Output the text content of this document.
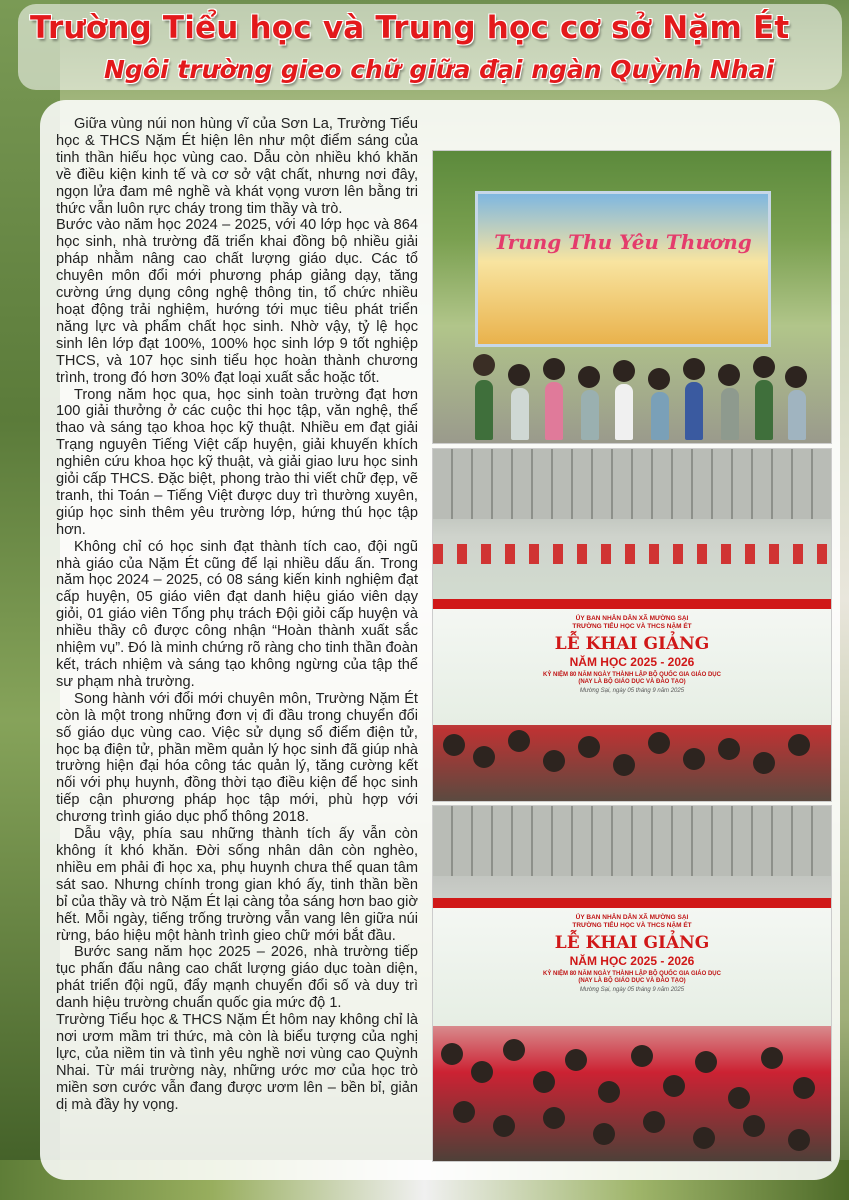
Trường Tiểu học và Trung học cơ sở Nặm Ét
Ngôi trường gieo chữ giữa đại ngàn Quỳnh Nhai

Giữa vùng núi non hùng vĩ của Sơn La, Trường Tiểu học & THCS Nặm Ét hiện lên như một điểm sáng của tinh thần hiếu học vùng cao. Dẫu còn nhiều khó khăn về điều kiện kinh tế và cơ sở vật chất, nhưng nơi đây, ngọn lửa đam mê nghề và khát vọng vươn lên bằng tri thức vẫn luôn rực cháy trong tim thầy và trò.

Bước vào năm học 2024 – 2025, với 40 lớp học và 864 học sinh, nhà trường đã triển khai đồng bộ nhiều giải pháp nhằm nâng cao chất lượng giáo dục. Các tổ chuyên môn đổi mới phương pháp giảng dạy, tăng cường ứng dụng công nghệ thông tin, tổ chức nhiều hoạt động trải nghiệm, hướng tới mục tiêu phát triển năng lực và phẩm chất học sinh. Nhờ vậy, tỷ lệ học sinh lên lớp đạt 100%, 100% học sinh lớp 9 tốt nghiệp THCS, và 107 học sinh tiểu học hoàn thành chương trình, trong đó hơn 30% đạt loại xuất sắc hoặc tốt.

Trong năm học qua, học sinh toàn trường đạt hơn 100 giải thưởng ở các cuộc thi học tập, văn nghệ, thể thao và sáng tạo khoa học kỹ thuật. Nhiều em đạt giải Trạng nguyên Tiếng Việt cấp huyện, giải khuyến khích nghiên cứu khoa học kỹ thuật, và giải giao lưu học sinh giỏi cấp THCS. Đặc biệt, phong trào thi viết chữ đẹp, vẽ tranh, thi Toán – Tiếng Việt được duy trì thường xuyên, giúp học sinh thêm yêu trường lớp, hứng thú học tập hơn.

Không chỉ có học sinh đạt thành tích cao, đội ngũ nhà giáo của Nặm Ét cũng để lại nhiều dấu ấn. Trong năm học 2024 – 2025, có 08 sáng kiến kinh nghiệm đạt cấp huyện, 05 giáo viên đạt danh hiệu giáo viên dạy giỏi, 01 giáo viên Tổng phụ trách Đội giỏi cấp huyện và nhiều thầy cô được công nhận “Hoàn thành xuất sắc nhiệm vụ”. Đó là minh chứng rõ ràng cho tinh thần đoàn kết, trách nhiệm và sáng tạo không ngừng của tập thể sư phạm nhà trường.

Song hành với đổi mới chuyên môn, Trường Nặm Ét còn là một trong những đơn vị đi đầu trong chuyển đổi số giáo dục vùng cao. Việc sử dụng sổ điểm điện tử, học bạ điện tử, phần mềm quản lý học sinh đã giúp nhà trường hiện đại hóa công tác quản lý, tăng cường kết nối với phụ huynh, đồng thời tạo điều kiện để học sinh tiếp cận phương pháp học tập mới, phù hợp với chương trình giáo dục phổ thông 2018.

Dẫu vậy, phía sau những thành tích ấy vẫn còn không ít khó khăn. Đời sống nhân dân còn nghèo, nhiều em phải đi học xa, phụ huynh chưa thể quan tâm sát sao. Nhưng chính trong gian khó ấy, tinh thần bền bỉ của thầy và trò Nặm Ét lại càng tỏa sáng hơn bao giờ hết. Mỗi ngày, tiếng trống trường vẫn vang lên giữa núi rừng, báo hiệu một hành trình gieo chữ mới bắt đầu.

Bước sang năm học 2025 – 2026, nhà trường tiếp tục phấn đấu nâng cao chất lượng giáo dục toàn diện, phát triển đội ngũ, đẩy mạnh chuyển đổi số và duy trì danh hiệu trường chuẩn quốc gia mức độ 1.

Trường Tiểu học & THCS Nặm Ét hôm nay không chỉ là nơi ươm mầm tri thức, mà còn là biểu tượng của nghị lực, của niềm tin và tình yêu nghề nơi vùng cao Quỳnh Nhai. Từ mái trường này, những ước mơ của học trò miền sơn cước vẫn đang được ươm lên – bền bỉ, giản dị mà đầy hy vọng.

Trung Thu Yêu Thương
ĐẢNG CỘNG SẢN VIỆT NAM QUANG VINH MUÔN NĂM
ỦY BAN NHÂN DÂN XÃ MƯỜNG SẠI
TRƯỜNG TIỂU HỌC VÀ THCS NẶM ÉT
LỄ KHAI GIẢNG
NĂM HỌC 2025 - 2026
KỶ NIỆM 80 NĂM NGÀY THÀNH LẬP BỘ QUỐC GIA GIÁO DỤC
(NAY LÀ BỘ GIÁO DỤC VÀ ĐÀO TẠO)
Mường Sại, ngày 05 tháng 9 năm 2025
ĐẢNG CỘNG SẢN VIỆT NAM QUANG VINH MUÔN NĂM
ỦY BAN NHÂN DÂN XÃ MƯỜNG SẠI
TRƯỜNG TIỂU HỌC VÀ THCS NẶM ÉT
LỄ KHAI GIẢNG
NĂM HỌC 2025 - 2026
KỶ NIỆM 80 NĂM NGÀY THÀNH LẬP BỘ QUỐC GIA GIÁO DỤC
(NAY LÀ BỘ GIÁO DỤC VÀ ĐÀO TẠO)
Mường Sại, ngày 05 tháng 9 năm 2025
